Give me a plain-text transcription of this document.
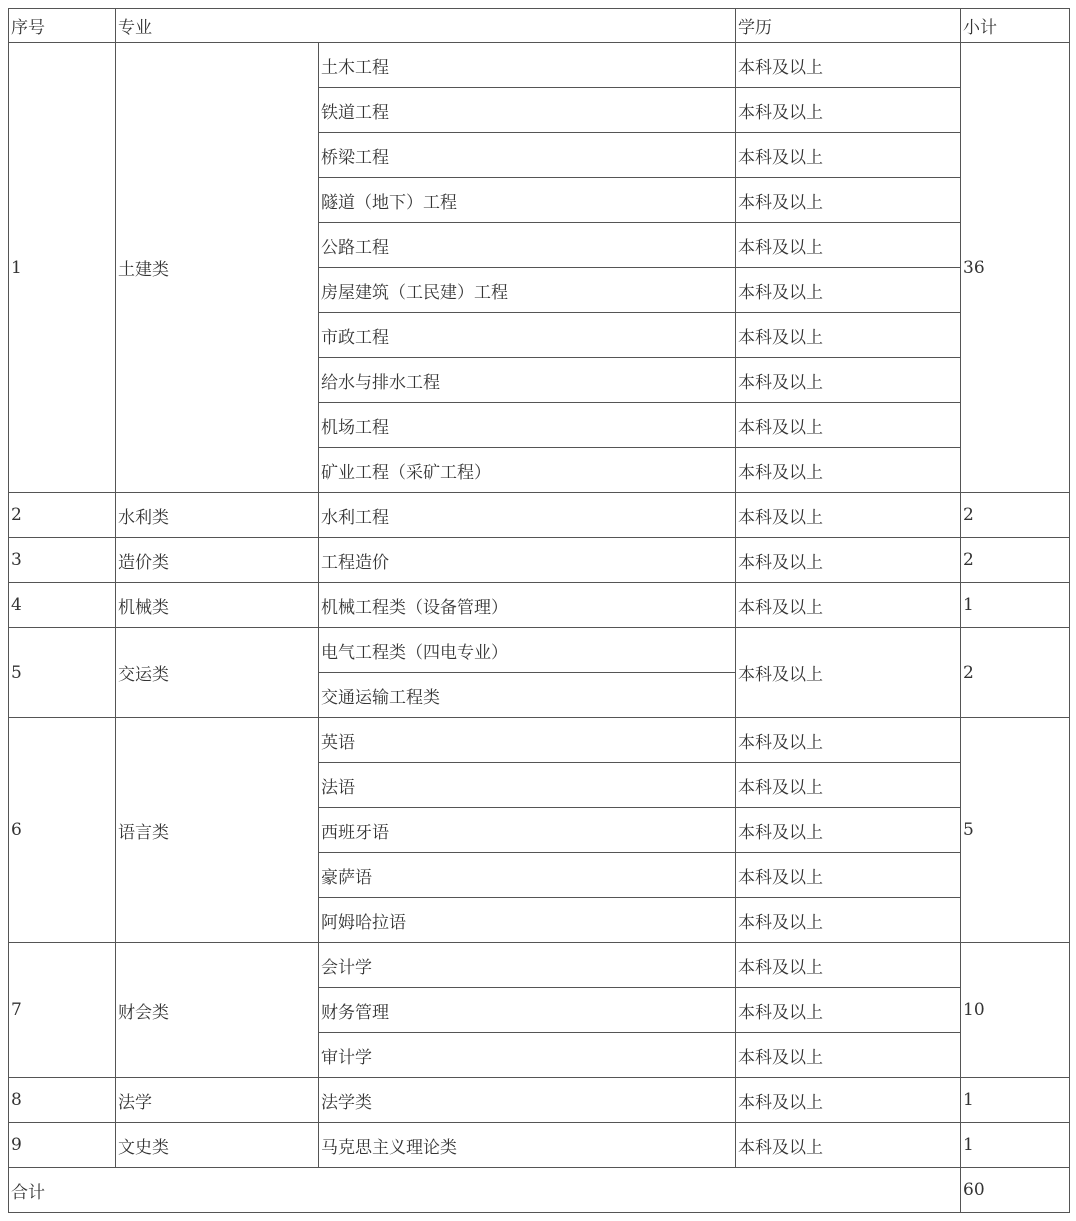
序号	专业		学历	小计
1	土建类	土木工程	本科及以上	36
		铁道工程	本科及以上	
		桥梁工程	本科及以上	
		隧道（地下）工程	本科及以上	
		公路工程	本科及以上	
		房屋建筑（工民建）工程	本科及以上	
		市政工程	本科及以上	
		给水与排水工程	本科及以上	
		机场工程	本科及以上	
		矿业工程（采矿工程）	本科及以上	
2	水利类	水利工程	本科及以上	2
3	造价类	工程造价	本科及以上	2
4	机械类	机械工程类（设备管理）	本科及以上	1
5	交运类	电气工程类（四电专业）	本科及以上	2
		交通运输工程类		
6	语言类	英语	本科及以上	5
		法语	本科及以上	
		西班牙语	本科及以上	
		豪萨语	本科及以上	
		阿姆哈拉语	本科及以上	
7	财会类	会计学	本科及以上	10
		财务管理	本科及以上	
		审计学	本科及以上	
8	法学	法学类	本科及以上	1
9	文史类	马克思主义理论类	本科及以上	1
合计				60
